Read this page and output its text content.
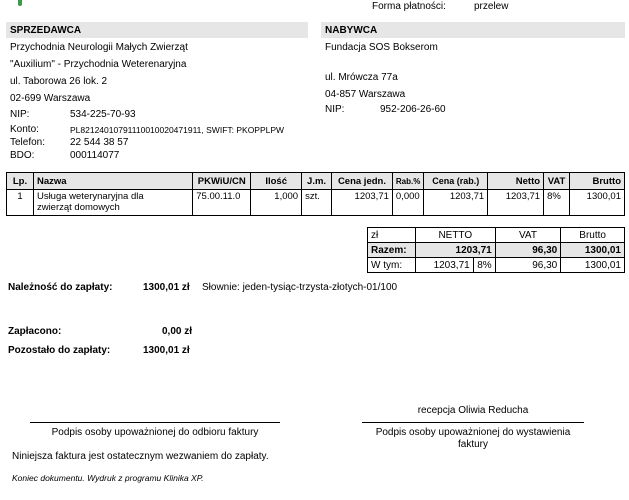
Forma płatności:	przelew
SPRZEDAWCA
Przychodnia Neurologii Małych Zwierząt
"Auxilium" - Przychodnia Weterenaryjna
ul. Taborowa 26 lok. 2
02-699 Warszawa
NIP:	534-225-70-93
Konto:	PL82124010791110010020471911, SWIFT: PKOPPLPW
Telefon: 22 544 38 57
BDO:	000114077
NABYWCA
Fundacja SOS Bokserom
ul. Mrówcza 77a
04-857 Warszawa
NIP:	952-206-26-60
Lp.	Nazwa	PKWiU/CN	Ilość	J.m.	Cena jedn.	Rab.%	Cena (rab.)	Netto	VAT	Brutto
1	Usługa weterynaryjna dla
zwierząt domowych	75.00.11.0	1,000	szt.	1203,71	0,000	1203,71	1203,71	8%	1300,01
zł	NETTO		VAT	Brutto
Razem:	1203,71		96,30	1300,01
W tym:	1203,71	8%	96,30	1300,01
Należność do zapłaty:	1300,01 zł Słownie: jeden-tysiąc-trzysta-złotych-01/100
Zapłacono:	0,00 zł
Pozostało do zapłaty:	1300,01 zł
Podpis osoby upoważnionej do odbioru faktury
recepcja Oliwia Reducha
Podpis osoby upoważnionej do wystawienia
faktury
Niniejsza faktura jest ostatecznym wezwaniem do zapłaty.
Koniec dokumentu. Wydruk z programu Klinika XP.
